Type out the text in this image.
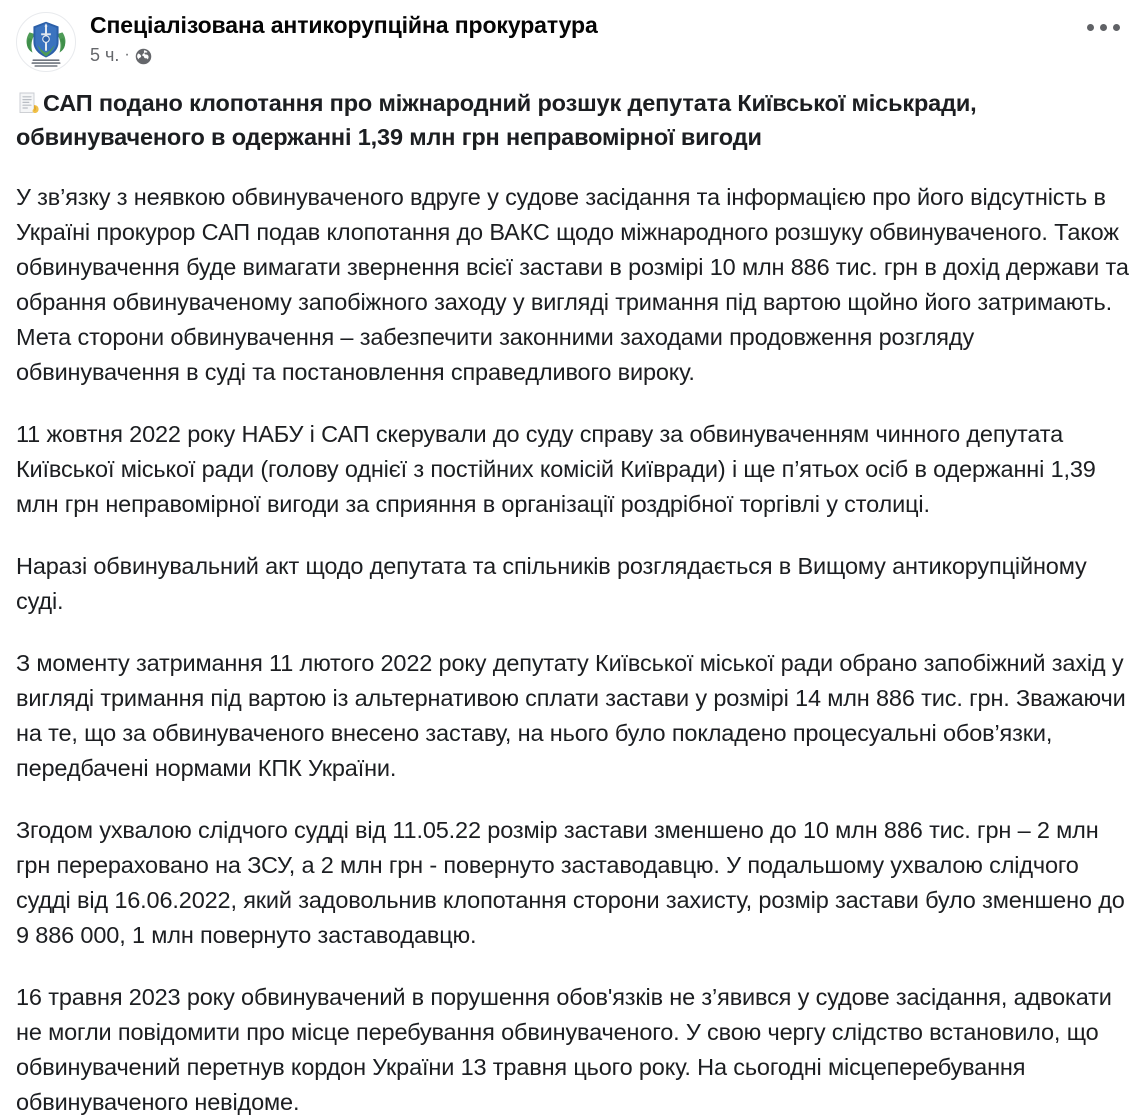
Спеціалізована антикорупційна прокуратура
5 ч. ·
САП подано клопотання про міжнародний розшук депутата Київської міськради, обвинуваченого в одержанні 1,39 млн грн неправомірної вигоди

У зв’язку з неявкою обвинуваченого вдруге у судове засідання та інформацією про його відсутність в Україні прокурор САП подав клопотання до ВАКС щодо міжнародного розшуку обвинуваченого. Також обвинувачення буде вимагати звернення всієї застави в розмірі 10 млн 886 тис. грн в дохід держави та обрання обвинуваченому запобіжного заходу у вигляді тримання під вартою щойно його затримають. Мета сторони обвинувачення – забезпечити законними заходами продовження розгляду обвинувачення в суді та постановлення справедливого вироку.

11 жовтня 2022 року НАБУ і САП скерували до суду справу за обвинуваченням чинного депутата Київської міської ради (голову однієї з постійних комісій Київради) і ще п’ятьох осіб в одержанні 1,39 млн грн неправомірної вигоди за сприяння в організації роздрібної торгівлі у столиці.

Наразі обвинувальний акт щодо депутата та спільників розглядається в Вищому антикорупційному суді.

З моменту затримання 11 лютого 2022 року депутату Київської міської ради обрано запобіжний захід у вигляді тримання під вартою із альтернативою сплати застави у розмірі 14 млн 886 тис. грн. Зважаючи на те, що за обвинуваченого внесено заставу, на нього було покладено процесуальні обов’язки, передбачені нормами КПК України.

Згодом ухвалою слідчого судді від 11.05.22 розмір застави зменшено до 10 млн 886 тис. грн – 2 млн грн перераховано на ЗСУ, а 2 млн грн - повернуто заставодавцю. У подальшому ухвалою слідчого судді від 16.06.2022, який задовольнив клопотання сторони захисту, розмір застави було зменшено до 9 886 000, 1 млн повернуто заставодавцю.

16 травня 2023 року обвинувачений в порушення обов'язків не з’явився у судове засідання, адвокати не могли повідомити про місце перебування обвинуваченого. У свою чергу слідство встановило, що обвинувачений перетнув кордон України 13 травня цього року. На сьогодні місцеперебування обвинуваченого невідоме.
